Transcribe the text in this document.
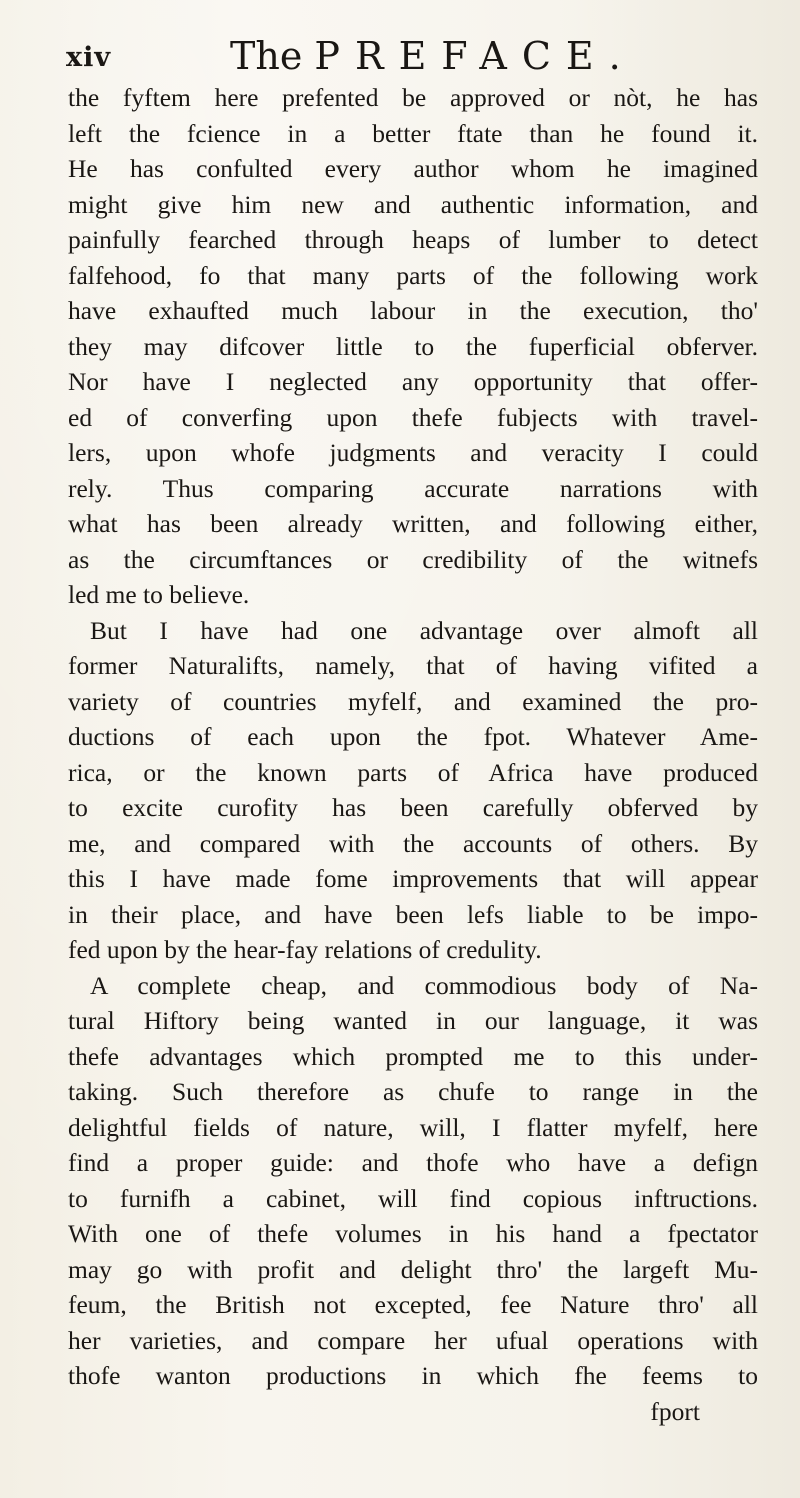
xiv	The PREFACE.
the fyftem here prefented be approved or nòt, he has
left the fcience in a better ftate than he found it.
He has confulted every author whom he imagined
might give him new and authentic information, and
painfully fearched through heaps of lumber to detect
falfehood, fo that many parts of the following work
have exhaufted much labour in the execution, tho'
they may difcover little to the fuperficial obferver.
Nor have I neglected any opportunity that offer-
ed of converfing upon thefe fubjects with travel-
lers, upon whofe judgments and veracity I could
rely. Thus comparing accurate narrations with
what has been already written, and following either,
as the circumftances or credibility of the witnefs
led me to believe.
But I have had one advantage over almoft all
former Naturalifts, namely, that of having vifited a
variety of countries myfelf, and examined the pro-
ductions of each upon the fpot. Whatever Ame-
rica, or the known parts of Africa have produced
to excite curofity has been carefully obferved by
me, and compared with the accounts of others. By
this I have made fome improvements that will appear
in their place, and have been lefs liable to be impo-
fed upon by the hear-fay relations of credulity.
A complete cheap, and commodious body of Na-
tural Hiftory being wanted in our language, it was
thefe advantages which prompted me to this under-
taking. Such therefore as chufe to range in the
delightful fields of nature, will, I flatter myfelf, here
find a proper guide: and thofe who have a defign
to furnifh a cabinet, will find copious inftructions.
With one of thefe volumes in his hand a fpectator
may go with profit and delight thro' the largeft Mu-
feum, the British not excepted, fee Nature thro' all
her varieties, and compare her ufual operations with
thofe wanton productions in which fhe feems to
fport
